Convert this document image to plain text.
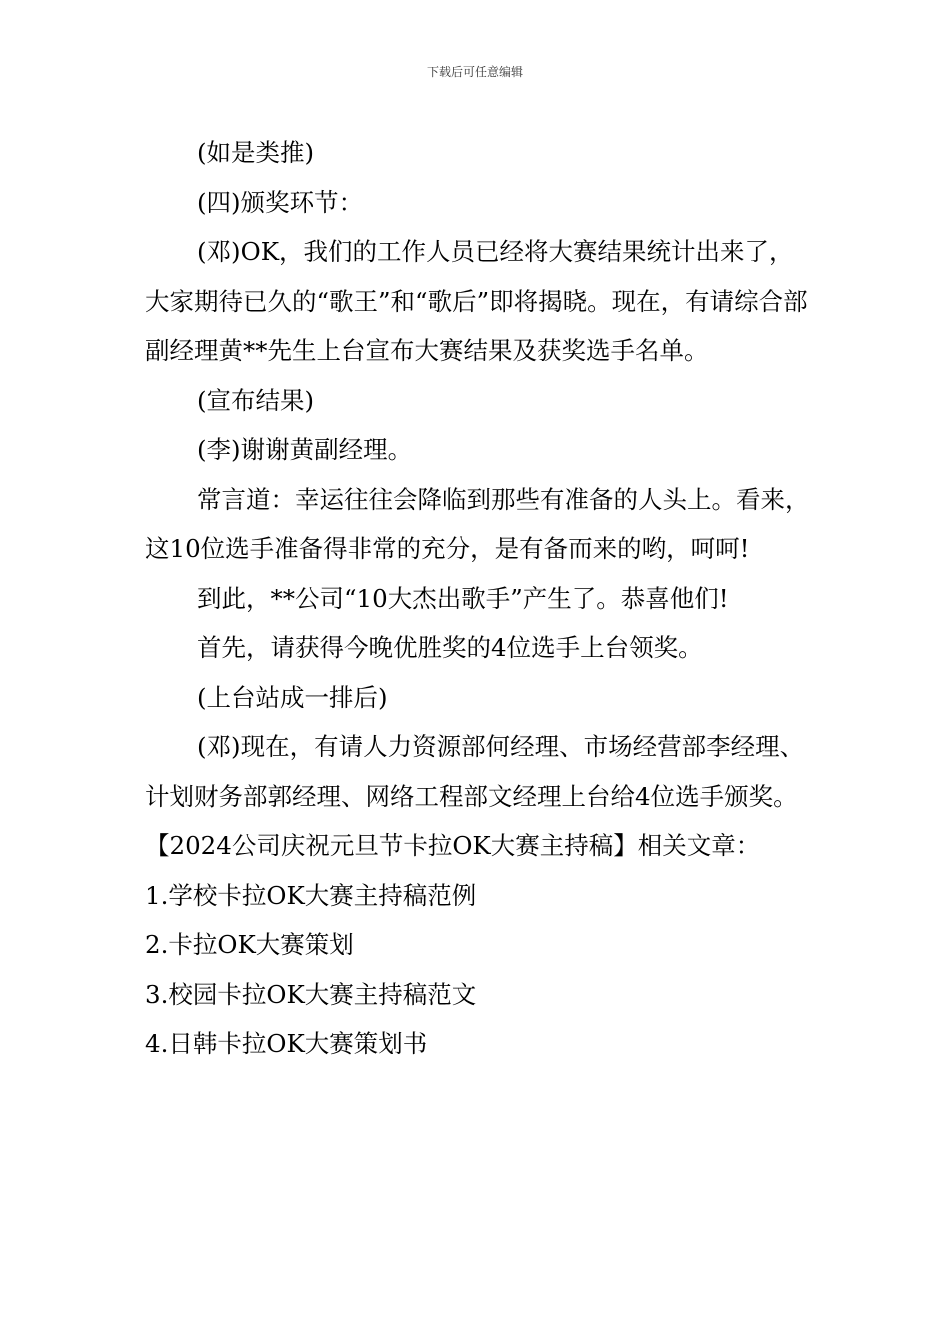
下载后可任意编辑

(如是类推)

(四)颁奖环节：

(邓)OK，我们的工作人员已经将大赛结果统计出来了，大家期待已久的“歌王”和“歌后”即将揭晓。现在，有请综合部副经理黄**先生上台宣布大赛结果及获奖选手名单。

(宣布结果)

(李)谢谢黄副经理。

常言道：幸运往往会降临到那些有准备的人头上。看来，这10位选手准备得非常的充分，是有备而来的哟，呵呵!

到此，**公司“10大杰出歌手”产生了。恭喜他们!

首先，请获得今晚优胜奖的4位选手上台领奖。

(上台站成一排后)

(邓)现在，有请人力资源部何经理、市场经营部李经理、计划财务部郭经理、网络工程部文经理上台给4位选手颁奖。

【2024公司庆祝元旦节卡拉OK大赛主持稿】相关文章：

1.学校卡拉OK大赛主持稿范例

2.卡拉OK大赛策划

3.校园卡拉OK大赛主持稿范文

4.日韩卡拉OK大赛策划书
